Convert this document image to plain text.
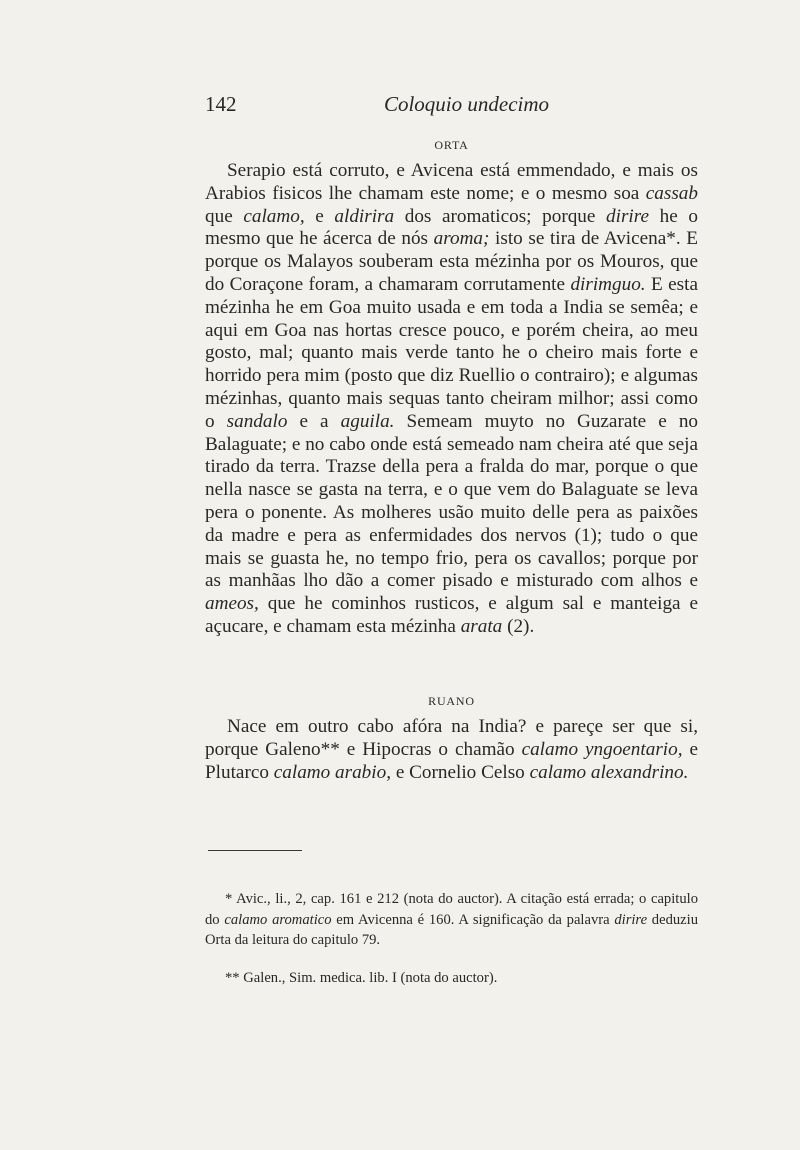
142	Coloquio undecimo
ORTA

Serapio está corruto, e Avicena está emmendado, e mais os Arabios fisicos lhe chamam este nome; e o mesmo soa cassab que calamo, e aldirira dos aromaticos; porque dirire he o mesmo que he ácerca de nós aroma; isto se tira de Avicena*. E porque os Malayos souberam esta mézinha por os Mouros, que do Coraçone foram, a chamaram corrutamente dirimguo. E esta mézinha he em Goa muito usada e em toda a India se semêa; e aqui em Goa nas hortas cresce pouco, e porém cheira, ao meu gosto, mal; quanto mais verde tanto he o cheiro mais forte e horrido pera mim (posto que diz Ruellio o contrairo); e algumas mézinhas, quanto mais sequas tanto cheiram milhor; assi como o sandalo e a aguila. Semeam muyto no Guzarate e no Balaguate; e no cabo onde está semeado nam cheira até que seja tirado da terra. Trazse della pera a fralda do mar, porque o que nella nasce se gasta na terra, e o que vem do Balaguate se leva pera o ponente. As molheres usão muito delle pera as paixões da madre e pera as enfermidades dos nervos (1); tudo o que mais se guasta he, no tempo frio, pera os cavallos; porque por as manhãas lho dão a comer pisado e misturado com alhos e ameos, que he cominhos rusticos, e algum sal e manteiga e açucare, e chamam esta mézinha arata (2).

RUANO

Nace em outro cabo afóra na India? e pareçe ser que si, porque Galeno** e Hipocras o chamão calamo yngoentario, e Plutarco calamo arabio, e Cornelio Celso calamo alexandrino.

* Avic., li., 2, cap. 161 e 212 (nota do auctor). A citação está errada; o capitulo do calamo aromatico em Avicenna é 160. A significação da palavra dirire deduziu Orta da leitura do capitulo 79.

** Galen., Sim. medica. lib. I (nota do auctor).
